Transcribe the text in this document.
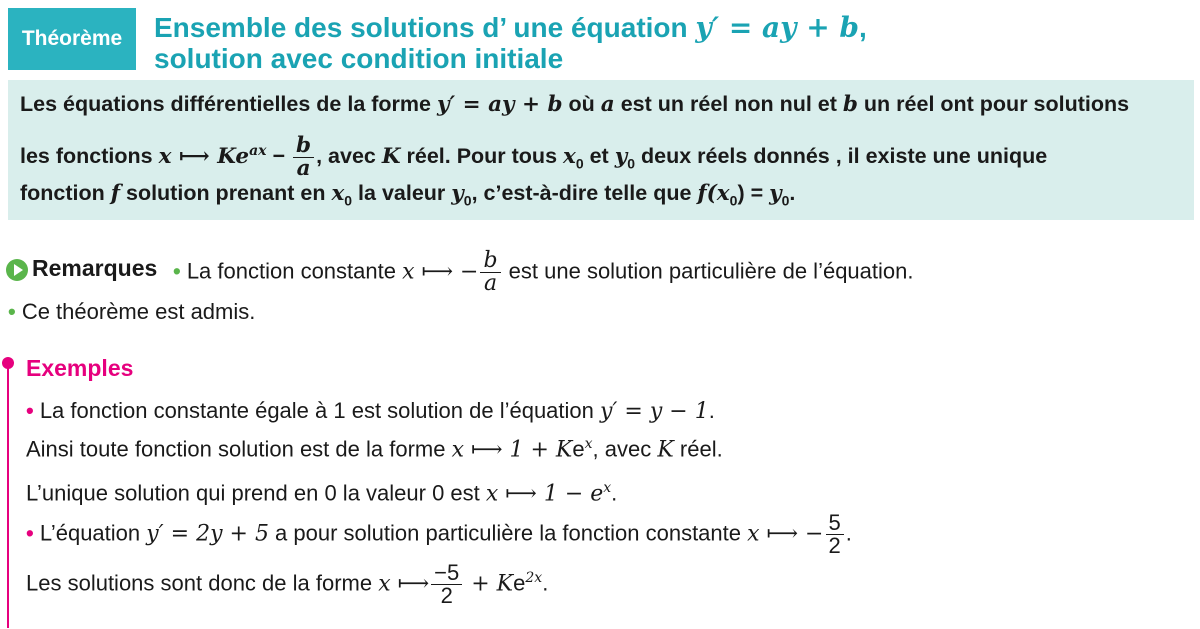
Théorème	Ensemble des solutions d’ une équation y′ = ay + b,
solution avec condition initiale
Les équations différentielles de la forme y′ = ay + b où a est un réel non nul et b un réel ont pour solutions
les fonctions x ⟼ $Ke^{ax} - \frac{b}{a}$ , avec K réel. Pour tous $x_0$ et $y_0$ deux réels donnés , il existe une unique
fonction f solution prenant en $x_0$ la valeur $y_0$, c’est-à-dire telle que $f(x_0) = y_0$.
Remarques • La fonction constante x ⟼ − $\frac{b}{a}$ est une solution particulière de l’équation.
• Ce théorème est admis.
Exemples
• La fonction constante égale à 1 est solution de l’équation y′ = y − 1.
Ainsi toute fonction solution est de la forme x ⟼ $1 + Ke^x$, avec K réel.
L’unique solution qui prend en 0 la valeur 0 est x ⟼ $1 - e^x$.
• L’équation y′ = 2y + 5 a pour solution particulière la fonction constante x ⟼ − $\frac{5}{2}$ .
Les solutions sont donc de la forme x ⟼ $\frac{-5}{2} + Ke^{2x}$.
